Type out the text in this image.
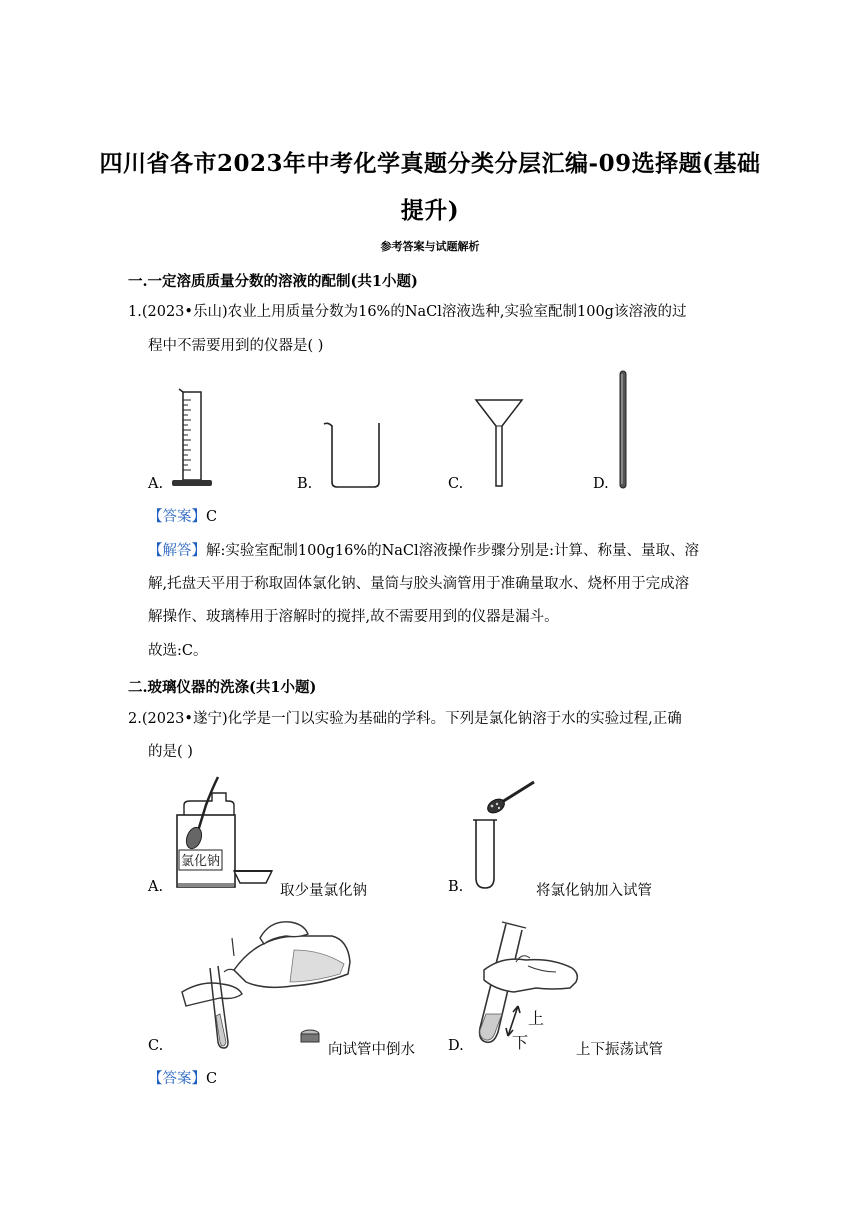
四川省各市2023年中考化学真题分类分层汇编-09选择题(基础
提升)
参考答案与试题解析
一.一定溶质质量分数的溶液的配制(共1小题)
1.(2023•乐山)农业上用质量分数为16%的NaCl溶液选种,实验室配制100g该溶液的过
程中不需要用到的仪器是( )
A.	B.	C.	D.
【答案】C
【解答】解:实验室配制100g16%的NaCl溶液操作步骤分别是:计算、称量、量取、溶
解,托盘天平用于称取固体氯化钠、量筒与胶头滴管用于准确量取水、烧杯用于完成溶
解操作、玻璃棒用于溶解时的搅拌,故不需要用到的仪器是漏斗。
故选:C。
二.玻璃仪器的洗涤(共1小题)
2.(2023•遂宁)化学是一门以实验为基础的学科。下列是氯化钠溶于水的实验过程,正确
的是( )
氯化钠
A.	取少量氯化钠	B.	将氯化钠加入试管
C.	向试管中倒水
上
下
D.	上下振荡试管
【答案】C
